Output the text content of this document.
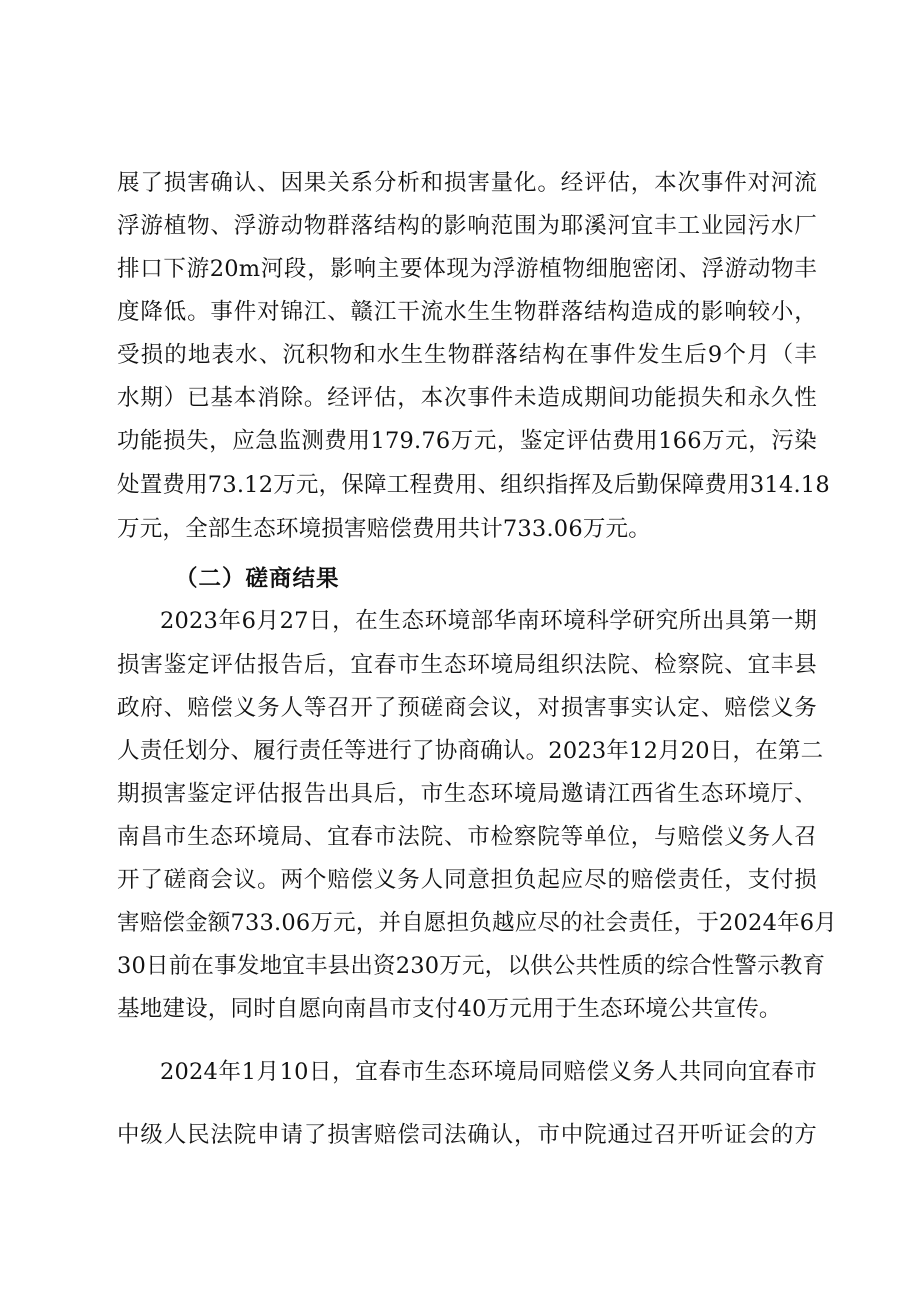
展了损害确认、因果关系分析和损害量化。经评估，本次事件对河流
浮游植物、浮游动物群落结构的影响范围为耶溪河宜丰工业园污水厂
排口下游20m河段，影响主要体现为浮游植物细胞密闭、浮游动物丰
度降低。事件对锦江、赣江干流水生生物群落结构造成的影响较小，
受损的地表水、沉积物和水生生物群落结构在事件发生后9个月（丰
水期）已基本消除。经评估，本次事件未造成期间功能损失和永久性
功能损失，应急监测费用179.76万元，鉴定评估费用166万元，污染
处置费用73.12万元，保障工程费用、组织指挥及后勤保障费用314.18
万元，全部生态环境损害赔偿费用共计733.06万元。
（二）磋商结果
2023年6月27日，在生态环境部华南环境科学研究所出具第一期
损害鉴定评估报告后，宜春市生态环境局组织法院、检察院、宜丰县
政府、赔偿义务人等召开了预磋商会议，对损害事实认定、赔偿义务
人责任划分、履行责任等进行了协商确认。2023年12月20日，在第二
期损害鉴定评估报告出具后，市生态环境局邀请江西省生态环境厅、
南昌市生态环境局、宜春市法院、市检察院等单位，与赔偿义务人召
开了磋商会议。两个赔偿义务人同意担负起应尽的赔偿责任，支付损
害赔偿金额733.06万元，并自愿担负越应尽的社会责任，于2024年6月
30日前在事发地宜丰县出资230万元，以供公共性质的综合性警示教育
基地建设，同时自愿向南昌市支付40万元用于生态环境公共宣传。
2024年1月10日，宜春市生态环境局同赔偿义务人共同向宜春市
中级人民法院申请了损害赔偿司法确认，市中院通过召开听证会的方
